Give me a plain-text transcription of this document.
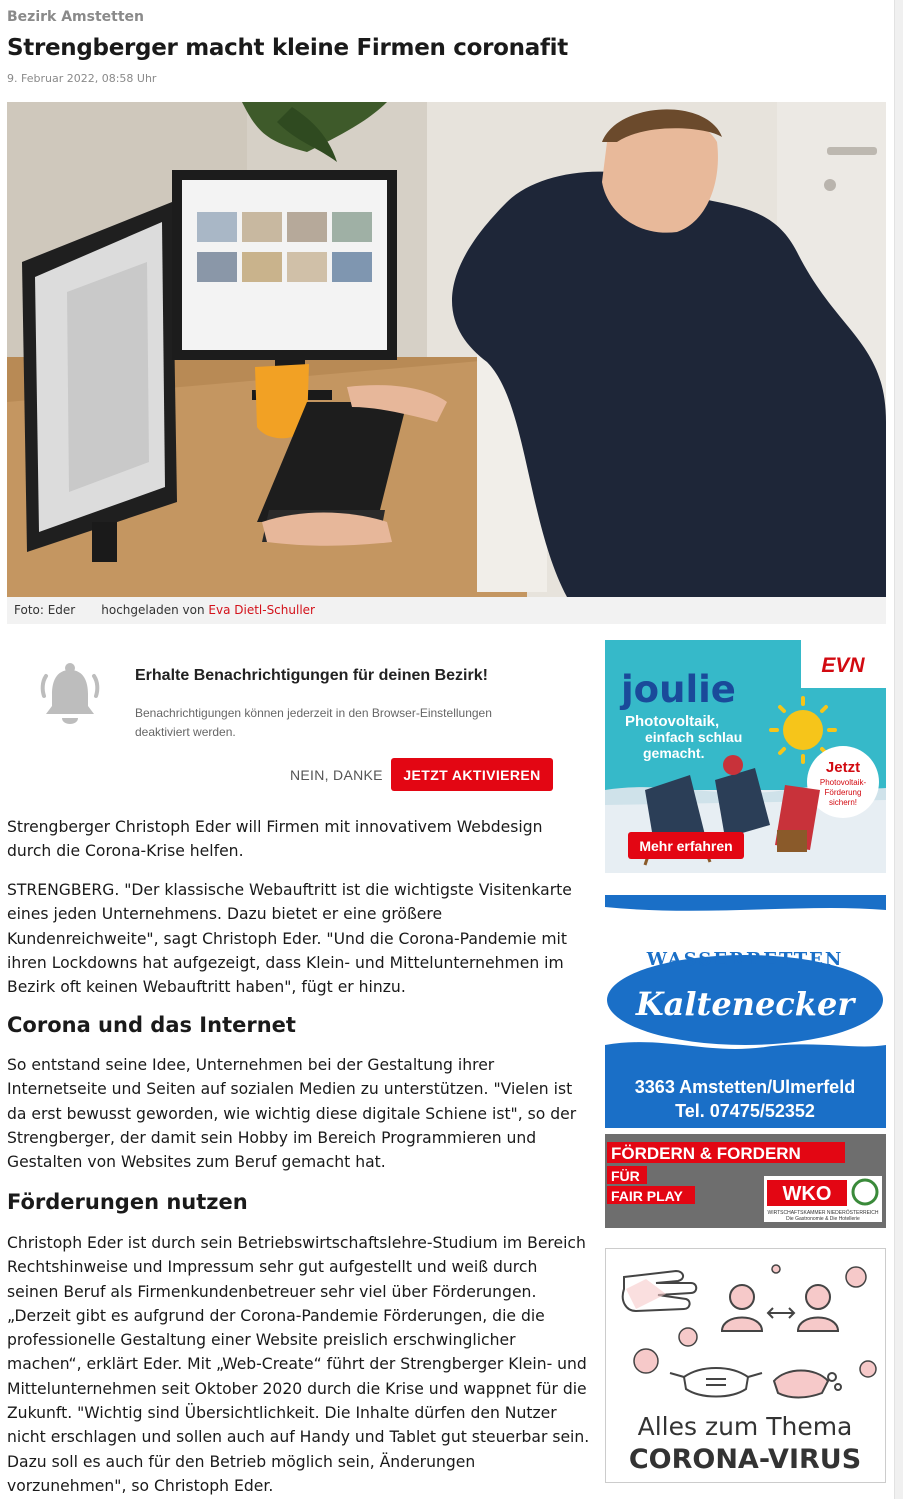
Bezirk Amstetten
Strengberger macht kleine Firmen coronafit
9. Februar 2022, 08:58 Uhr
Foto: Eder hochgeladen von Eva Dietl-Schuller
Erhalte Benachrichtigungen für deinen Bezirk!
Benachrichtigungen können jederzeit in den Browser-Einstellungen deaktiviert werden.
NEIN, DANKE	JETZT AKTIVIEREN

Strengberger Christoph Eder will Firmen mit innovativem Webdesign durch die Corona-Krise helfen.

STRENGBERG. "Der klassische Webauftritt ist die wichtigste Visitenkarte eines jeden Unternehmens. Dazu bietet er eine größere Kundenreichweite", sagt Christoph Eder. "Und die Corona-Pandemie mit ihren Lockdowns hat aufgezeigt, dass Klein- und Mittelunternehmen im Bezirk oft keinen Webauftritt haben", fügt er hinzu.

Corona und das Internet

So entstand seine Idee, Unternehmen bei der Gestaltung ihrer Internetseite und Seiten auf sozialen Medien zu unterstützen. "Vielen ist da erst bewusst geworden, wie wichtig diese digitale Schiene ist", so der Strengberger, der damit sein Hobby im Bereich Programmieren und Gestalten von Websites zum Beruf gemacht hat.

Förderungen nutzen

Christoph Eder ist durch sein Betriebswirtschaftslehre-Studium im Bereich Rechtshinweise und Impressum sehr gut aufgestellt und weiß durch seinen Beruf als Firmenkundenbetreuer sehr viel über Förderungen. „Derzeit gibt es aufgrund der Corona-Pandemie Förderungen, die die professionelle Gestaltung einer Website preislich erschwinglicher machen“, erklärt Eder. Mit „Web-Create“ führt der Strengberger Klein- und Mittelunternehmen seit Oktober 2020 durch die Krise und wappnet für die Zukunft. "Wichtig sind Übersichtlichkeit. Die Inhalte dürfen den Nutzer nicht erschlagen und sollen auch auf Handy und Tablet gut steuerbar sein. Dazu soll es auch für den Betrieb möglich sein, Änderungen vorzunehmen", so Christoph Eder.

EVN
joulie
Photovoltaik,
einfach schlau
gemacht.
Jetzt
Photovoltaik-
Förderung
sichern!
Mehr erfahren
WASSERBETTEN
Kaltenecker
3363 Amstetten/Ulmerfeld
Tel. 07475/52352
FÖRDERN & FORDERN
FÜR
FAIR PLAY	WKO
WIRTSCHAFTSKAMMER NIEDERÖSTERREICH
Die Gastronomie & Die Hotellerie
Alles zum Thema
CORONA-VIRUS
